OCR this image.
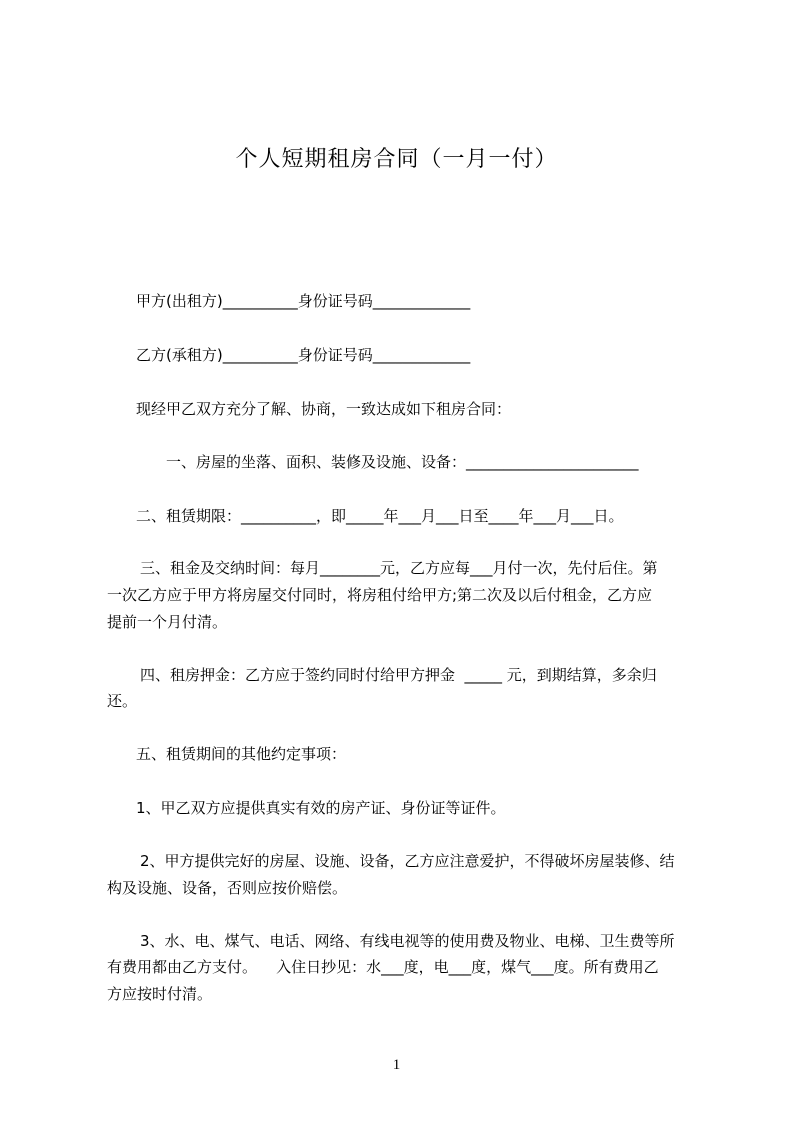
个人短期租房合同（一月一付）
甲方(出租方)__________身份证号码_____________
乙方(承租方)__________身份证号码_____________
现经甲乙双方充分了解、协商，一致达成如下租房合同：
一、房屋的坐落、面积、装修及设施、设备：_______________________
二、租赁期限：__________，即_____年___月___日至____年___月___日。
三、租金及交纳时间：每月________元，乙方应每___月付一次，先付后住。第
一次乙方应于甲方将房屋交付同时，将房租付给甲方;第二次及以后付租金，乙方应
提前一个月付清。
四、租房押金：乙方应于签约同时付给甲方押金  _____ 元，到期结算，多余归
还。
五、租赁期间的其他约定事项：
1、甲乙双方应提供真实有效的房产证、身份证等证件。
2、甲方提供完好的房屋、设施、设备，乙方应注意爱护，不得破坏房屋装修、结
构及设施、设备，否则应按价赔偿。
3、水、电、煤气、电话、网络、有线电视等的使用费及物业、电梯、卫生费等所
有费用都由乙方支付。    入住日抄见：水___度，电___度，煤气___度。所有费用乙
方应按时付清。
1
